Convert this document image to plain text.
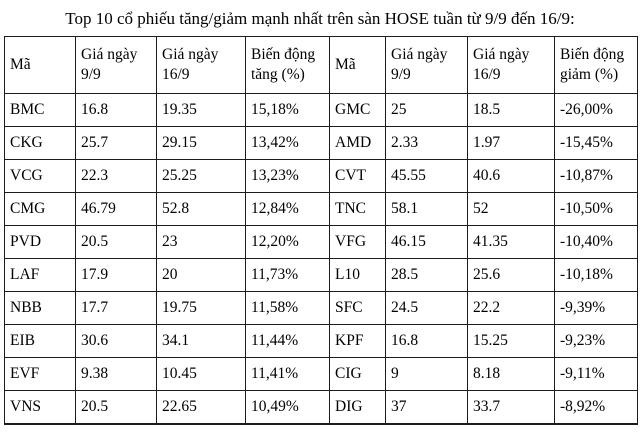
Top 10 cổ phiếu tăng/giảm mạnh nhất trên sàn HOSE tuần từ 9/9 đến 16/9:

Mã	Giá ngày 9/9	Giá ngày 16/9	Biến động tăng (%)	Mã	Giá ngày 9/9	Giá ngày 16/9	Biến động giảm (%)
BMC	16.8	19.35	15,18%	GMC	25	18.5	-26,00%
CKG	25.7	29.15	13,42%	AMD	2.33	1.97	-15,45%
VCG	22.3	25.25	13,23%	CVT	45.55	40.6	-10,87%
CMG	46.79	52.8	12,84%	TNC	58.1	52	-10,50%
PVD	20.5	23	12,20%	VFG	46.15	41.35	-10,40%
LAF	17.9	20	11,73%	L10	28.5	25.6	-10,18%
NBB	17.7	19.75	11,58%	SFC	24.5	22.2	-9,39%
EIB	30.6	34.1	11,44%	KPF	16.8	15.25	-9,23%
EVF	9.38	10.45	11,41%	CIG	9	8.18	-9,11%
VNS	20.5	22.65	10,49%	DIG	37	33.7	-8,92%
